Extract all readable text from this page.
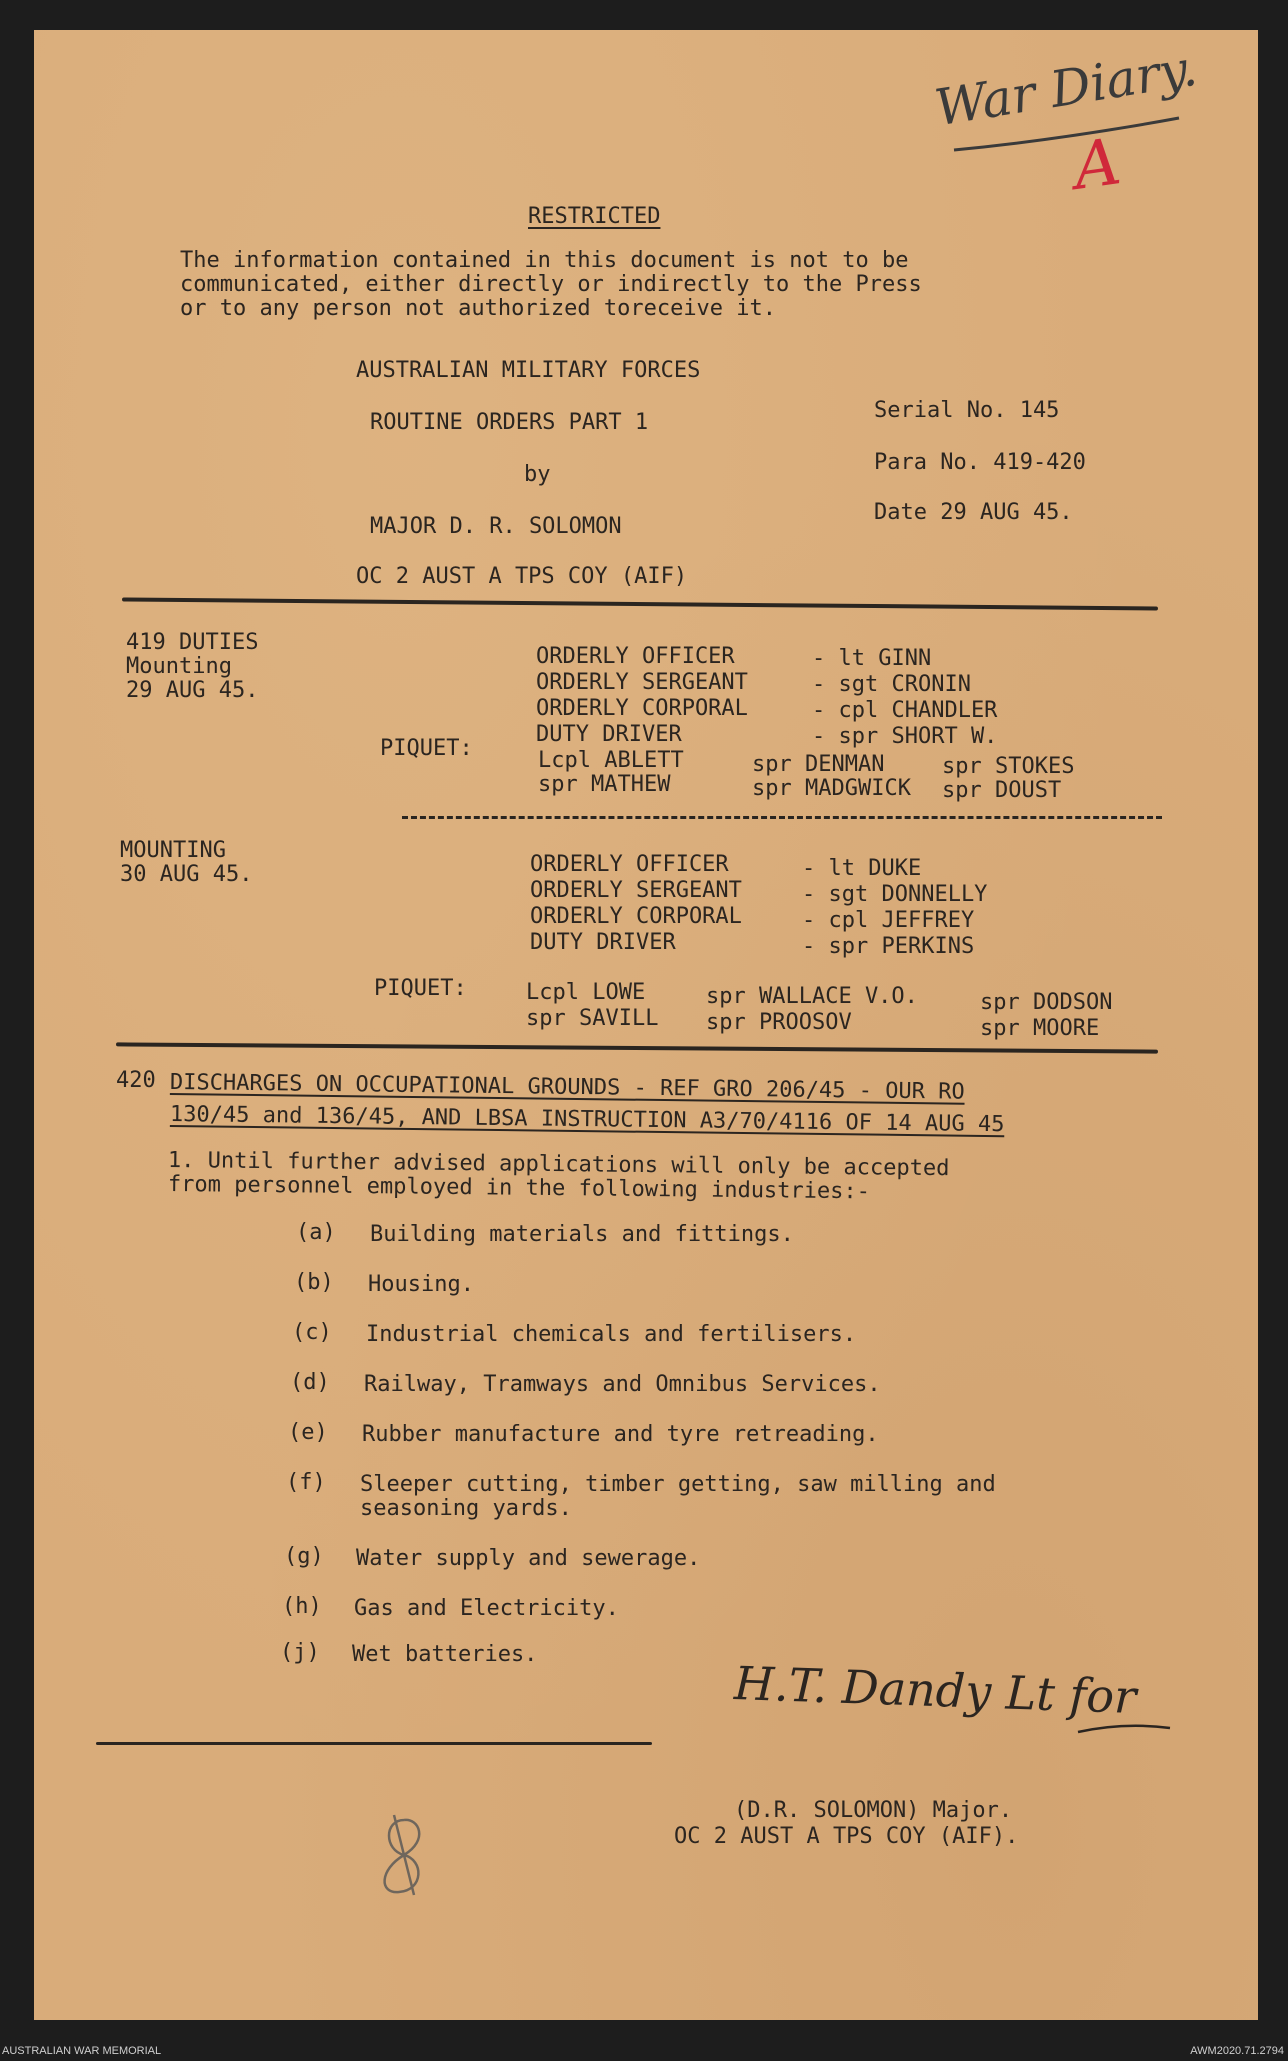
War Diary.
A
RESTRICTED
The information contained in this document is not to be
communicated, either directly or indirectly to the Press
or to any person not authorized toreceive it.
AUSTRALIAN MILITARY FORCES
ROUTINE ORDERS PART 1
by
MAJOR D. R. SOLOMON
OC 2 AUST A TPS COY (AIF)
Serial No. 145
Para No. 419-420
Date 29 AUG 45.
419 DUTIES
Mounting
29 AUG 45.
ORDERLY OFFICER	- lt GINN
ORDERLY SERGEANT	- sgt CRONIN
ORDERLY CORPORAL	- cpl CHANDLER
DUTY DRIVER	- spr SHORT W.
PIQUET:	Lcpl ABLETT	spr DENMAN	spr STOKES
spr MATHEW	spr MADGWICK spr DOUST
MOUNTING
30 AUG 45.	ORDERLY OFFICER	- lt DUKE
ORDERLY SERGEANT	- sgt DONNELLY
ORDERLY CORPORAL	- cpl JEFFREY
DUTY DRIVER	- spr PERKINS
PIQUET:	Lcpl LOWE	spr WALLACE V.O.	spr DODSON
spr SAVILL spr PROOSOV	spr MOORE
420 DISCHARGES ON OCCUPATIONAL GROUNDS - REF GRO 206/45 - OUR RO
130/45 and 136/45, AND LBSA INSTRUCTION A3/70/4116 OF 14 AUG 45
1. Until further advised applications will only be accepted
from personnel employed in the following industries:-
(a) Building materials and fittings.
(b) Housing.
(c) Industrial chemicals and fertilisers.
(d) Railway, Tramways and Omnibus Services.
(e) Rubber manufacture and tyre retreading.
(f) Sleeper cutting, timber getting, saw milling and
seasoning yards.
(g) Water supply and sewerage.
(h) Gas and Electricity.
(j) Wet batteries.
H.T. Dandy Lt for
(D.R. SOLOMON) Major.
OC 2 AUST A TPS COY (AIF).
AUSTRALIAN WAR MEMORIAL	AWM2020.71.2794
